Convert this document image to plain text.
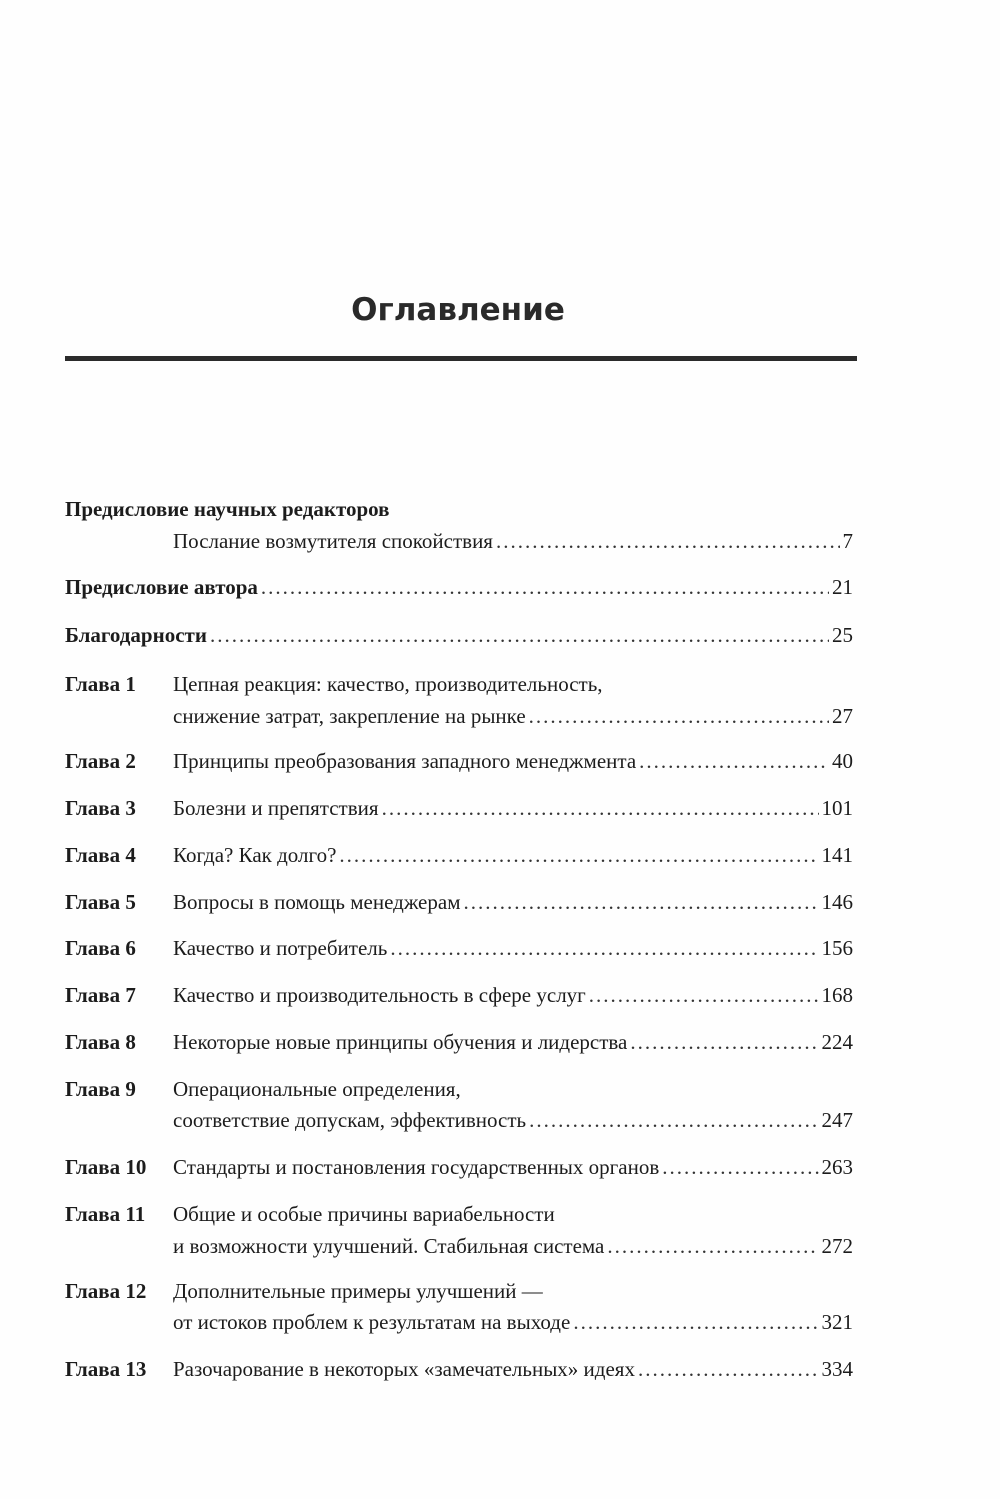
Оглавление
Предисловие научных редакторов
Послание возмутителя спокойствия .....	7
Предисловие автора .....	21
Благодарности .....	25
Глава 1	Цепная реакция: качество, производительность,
снижение затрат, закрепление на рынке .....	27
Глава 2	Принципы преобразования западного менеджмента .....	40
Глава 3	Болезни и препятствия .....	101
Глава 4	Когда? Как долго? .....	141
Глава 5	Вопросы в помощь менеджерам .....	146
Глава 6	Качество и потребитель .....	156
Глава 7	Качество и производительность в сфере услуг .....	168
Глава 8	Некоторые новые принципы обучения и лидерства .....	224
Глава 9	Операциональные определения,
соответствие допускам, эффективность .....	247
Глава 10	Стандарты и постановления государственных органов .....	263
Глава 11	Общие и особые причины вариабельности
и возможности улучшений. Стабильная система .....	272
Глава 12	Дополнительные примеры улучшений —
от истоков проблем к результатам на выходе .....	321
Глава 13	Разочарование в некоторых «замечательных» идеях .....	334
